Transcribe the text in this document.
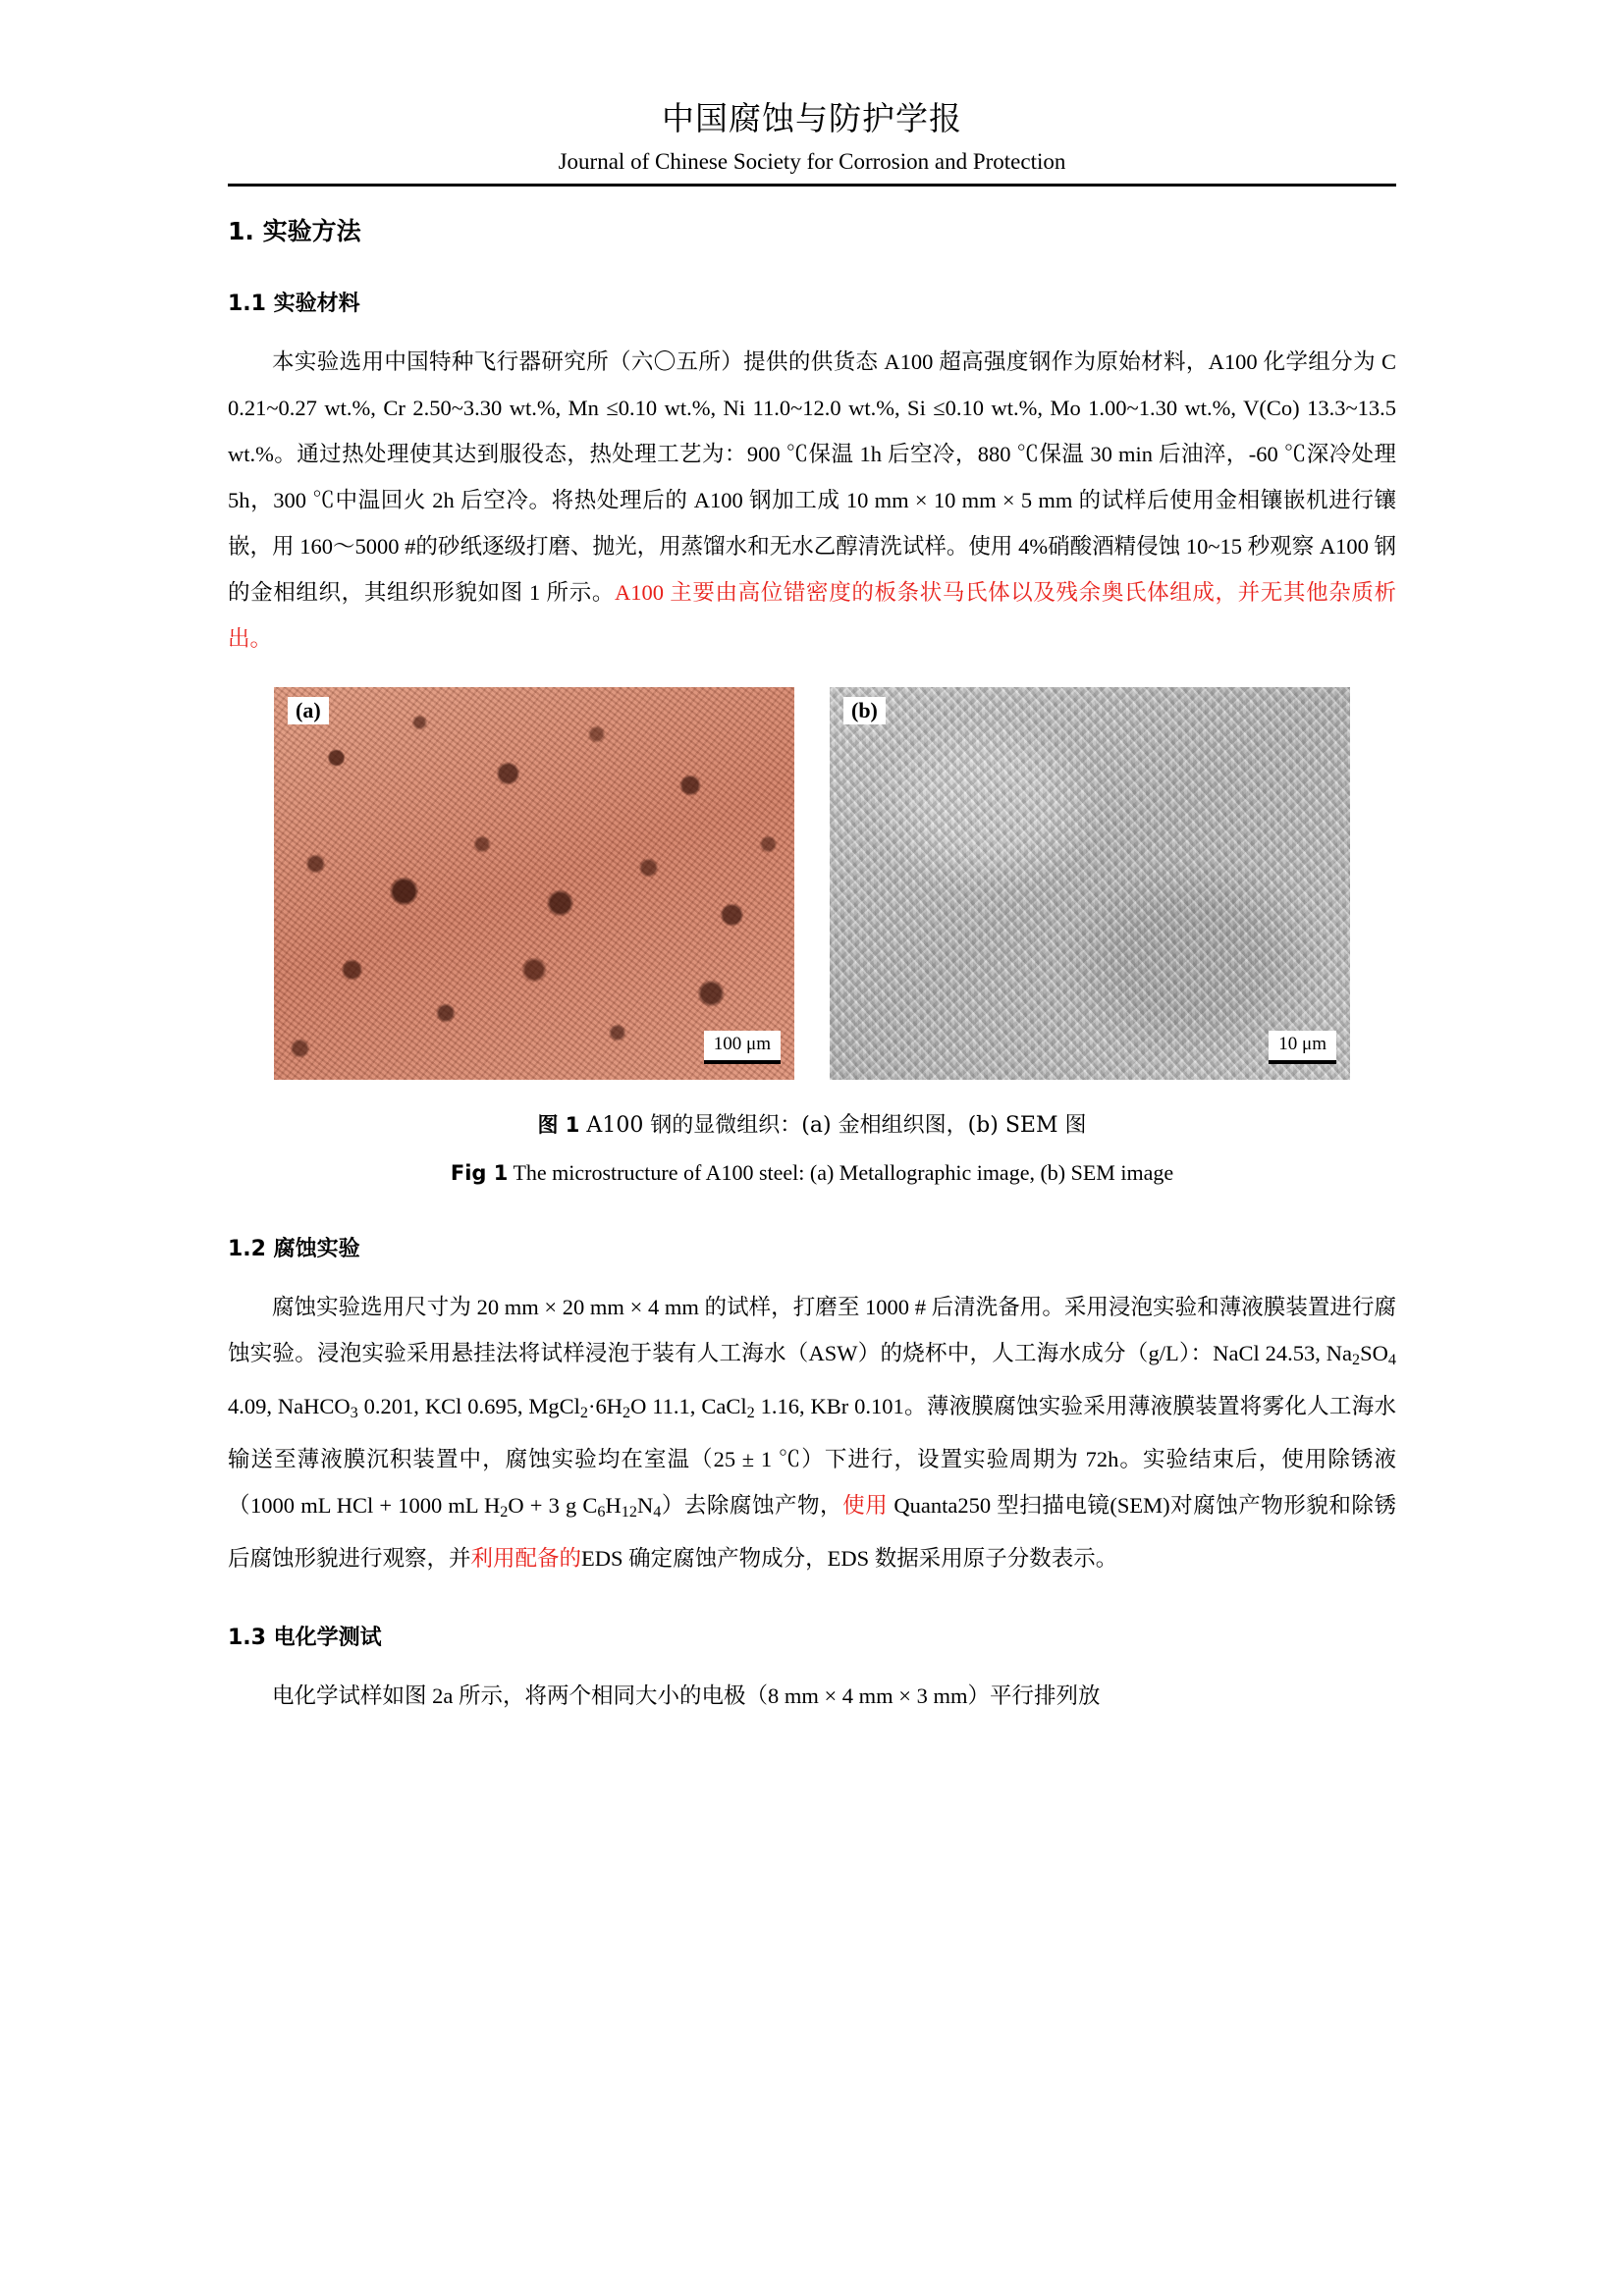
中国腐蚀与防护学报
Journal of Chinese Society for Corrosion and Protection
1. 实验方法
1.1 实验材料

本实验选用中国特种飞行器研究所（六〇五所）提供的供货态 A100 超高强度钢作为原始材料，A100 化学组分为 C 0.21~0.27 wt.%, Cr 2.50~3.30 wt.%, Mn ≤0.10 wt.%, Ni 11.0~12.0 wt.%, Si ≤0.10 wt.%, Mo 1.00~1.30 wt.%, V(Co) 13.3~13.5 wt.%。通过热处理使其达到服役态，热处理工艺为：900 ℃保温 1h 后空冷，880 ℃保温 30 min 后油淬，-60 ℃深冷处理 5h，300 ℃中温回火 2h 后空冷。将热处理后的 A100 钢加工成 10 mm × 10 mm × 5 mm 的试样后使用金相镶嵌机进行镶嵌，用 160～5000 #的砂纸逐级打磨、抛光，用蒸馏水和无水乙醇清洗试样。使用 4%硝酸酒精侵蚀 10~15 秒观察 A100 钢的金相组织，其组织形貌如图 1 所示。A100 主要由高位错密度的板条状马氏体以及残余奥氏体组成，并无其他杂质析出。

(a)
100 μm
(b)
10 μm
图 1 A100 钢的显微组织：(a) 金相组织图，(b) SEM 图
Fig 1 The microstructure of A100 steel: (a) Metallographic image, (b) SEM image
1.2 腐蚀实验

腐蚀实验选用尺寸为 20 mm × 20 mm × 4 mm 的试样，打磨至 1000 # 后清洗备用。采用浸泡实验和薄液膜装置进行腐蚀实验。浸泡实验采用悬挂法将试样浸泡于装有人工海水（ASW）的烧杯中，人工海水成分（g/L）：NaCl 24.53, $Na_2SO_4$ 4.09, NaHCO$_3$ 0.201, KCl 0.695, $MgCl_2\cdot 6H_2O$ 11.1, CaCl$_2$ 1.16, KBr 0.101。薄液膜腐蚀实验采用薄液膜装置将雾化人工海水输送至薄液膜沉积装置中，腐蚀实验均在室温（25 ± 1 ℃）下进行，设置实验周期为 72h。实验结束后，使用除锈液（1000 mL HCl + 1000 mL $H_2O + 3$ g $C_6H_{12}N_4$）去除腐蚀产物，使用 Quanta250 型扫描电镜(SEM)对腐蚀产物形貌和除锈后腐蚀形貌进行观察，并利用配备的EDS 确定腐蚀产物成分，EDS 数据采用原子分数表示。

1.3 电化学测试

电化学试样如图 2a 所示，将两个相同大小的电极（8 mm × 4 mm × 3 mm）平行排列放
